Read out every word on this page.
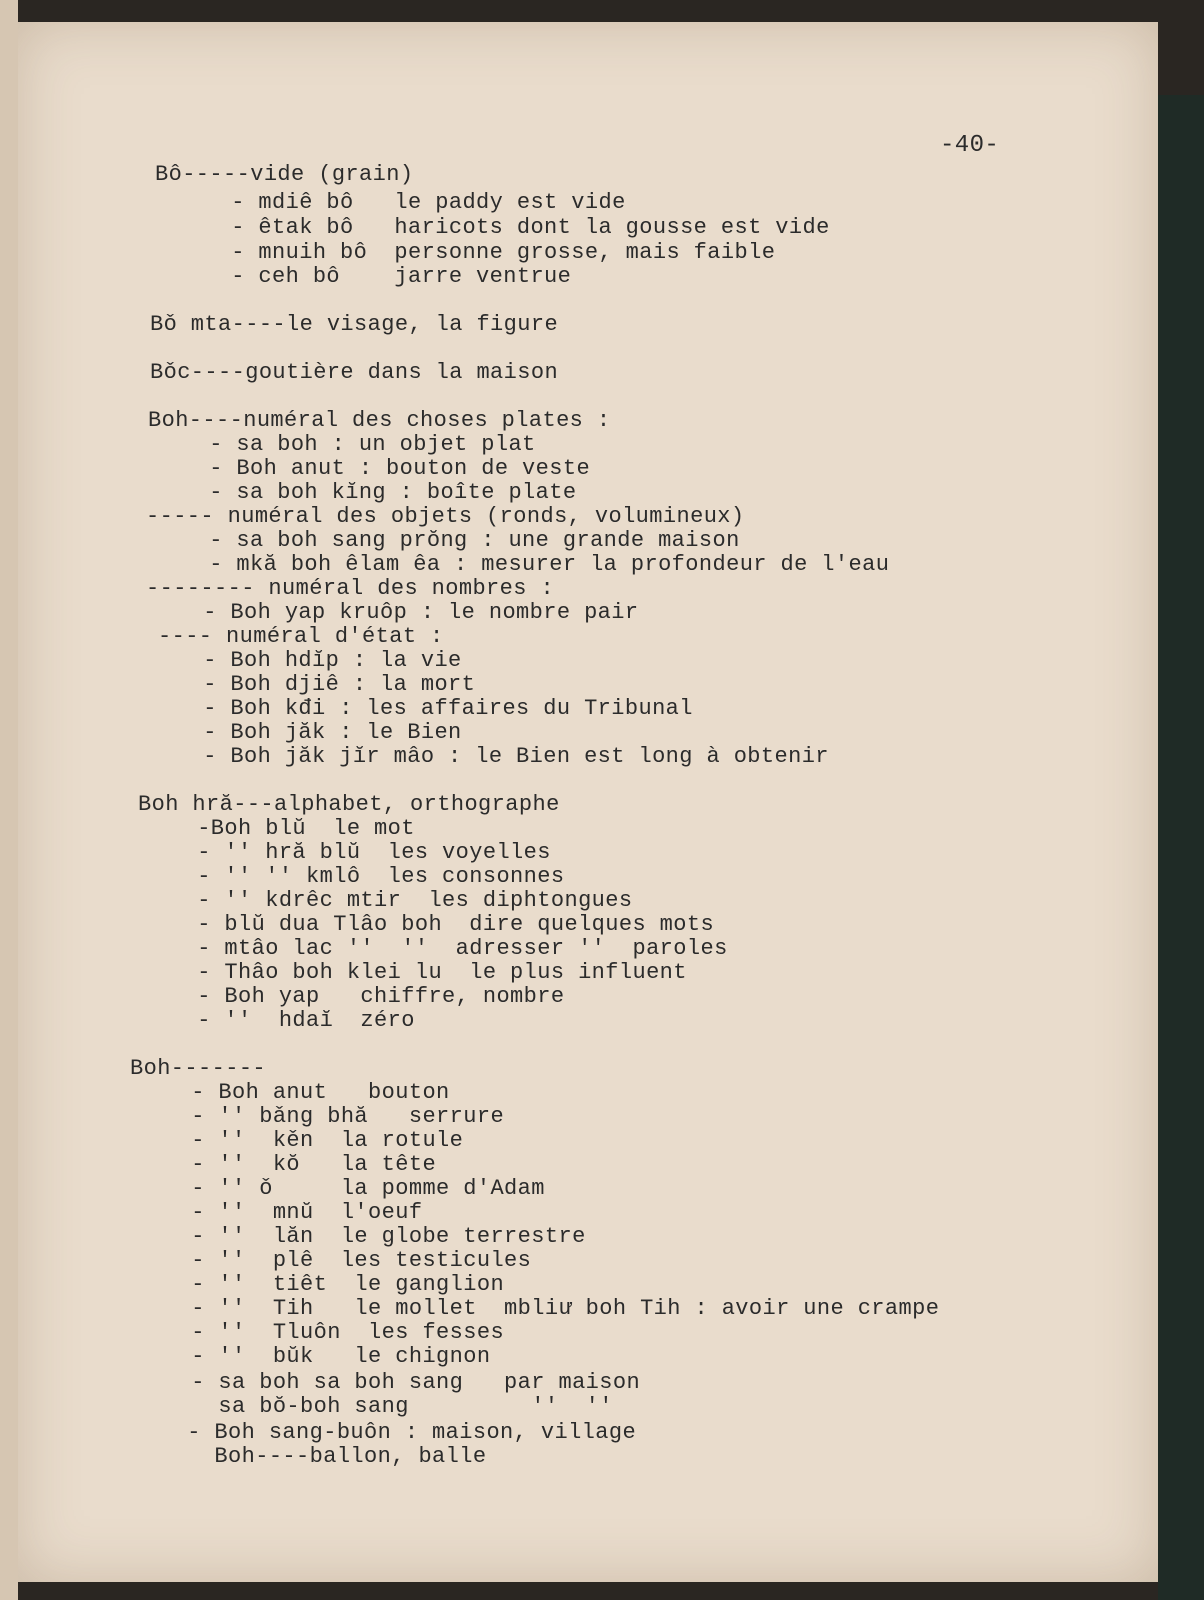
-40-
Bô-----vide (grain)
- mdiê bô   le paddy est vide
- êtak bô   haricots dont la gousse est vide
- mnuih bô  personne grosse, mais faible
- ceh bô    jarre ventrue
Bǒ mta----le visage, la figure
Bǒc----goutière dans la maison
Boh----numéral des choses plates :
- sa boh : un objet plat
- Boh anut : bouton de veste
- sa boh kĭng : boîte plate
----- numéral des objets (ronds, volumineux)
- sa boh sang prŏng : une grande maison
- mkă boh êlam êa : mesurer la profondeur de l'eau
-------- numéral des nombres :
- Boh yap kruôp : le nombre pair
---- numéral d'état :
- Boh hdĭp : la vie
- Boh djiê : la mort
- Boh kđi : les affaires du Tribunal
- Boh jăk : le Bien
- Boh jăk jĭr mâo : le Bien est long à obtenir
Boh hră---alphabet, orthographe
-Boh blŭ  le mot
- '' hră blŭ  les voyelles
- '' '' kmlô  les consonnes
- '' kdrêc mtir  les diphtongues
- blŭ dua Tlâo boh  dire quelques mots
- mtâo lac ''  ''  adresser ''  paroles
- Thâo boh klei lu  le plus influent
- Boh yap   chiffre, nombre
- ''  hdaĭ  zéro
Boh-------
- Boh anut   bouton
- '' bǎng bhă   serrure
- ''  kěn  la rotule
- ''  kŏ   la tête
- '' ǒ     la pomme d'Adam
- ''  mnŭ  l'oeuf
- ''  lăn  le globe terrestre
- ''  plê  les testicules
- ''  tiêt  le ganglion
- ''  Tih   le mollet  mbliư boh Tih : avoir une crampe
- ''  Tluôn  les fesses
- ''  bŭk   le chignon
- sa boh sa boh sang   par maison
sa bŏ-boh sang         ''  ''
- Boh sang-buôn : maison, village
Boh----ballon, balle
